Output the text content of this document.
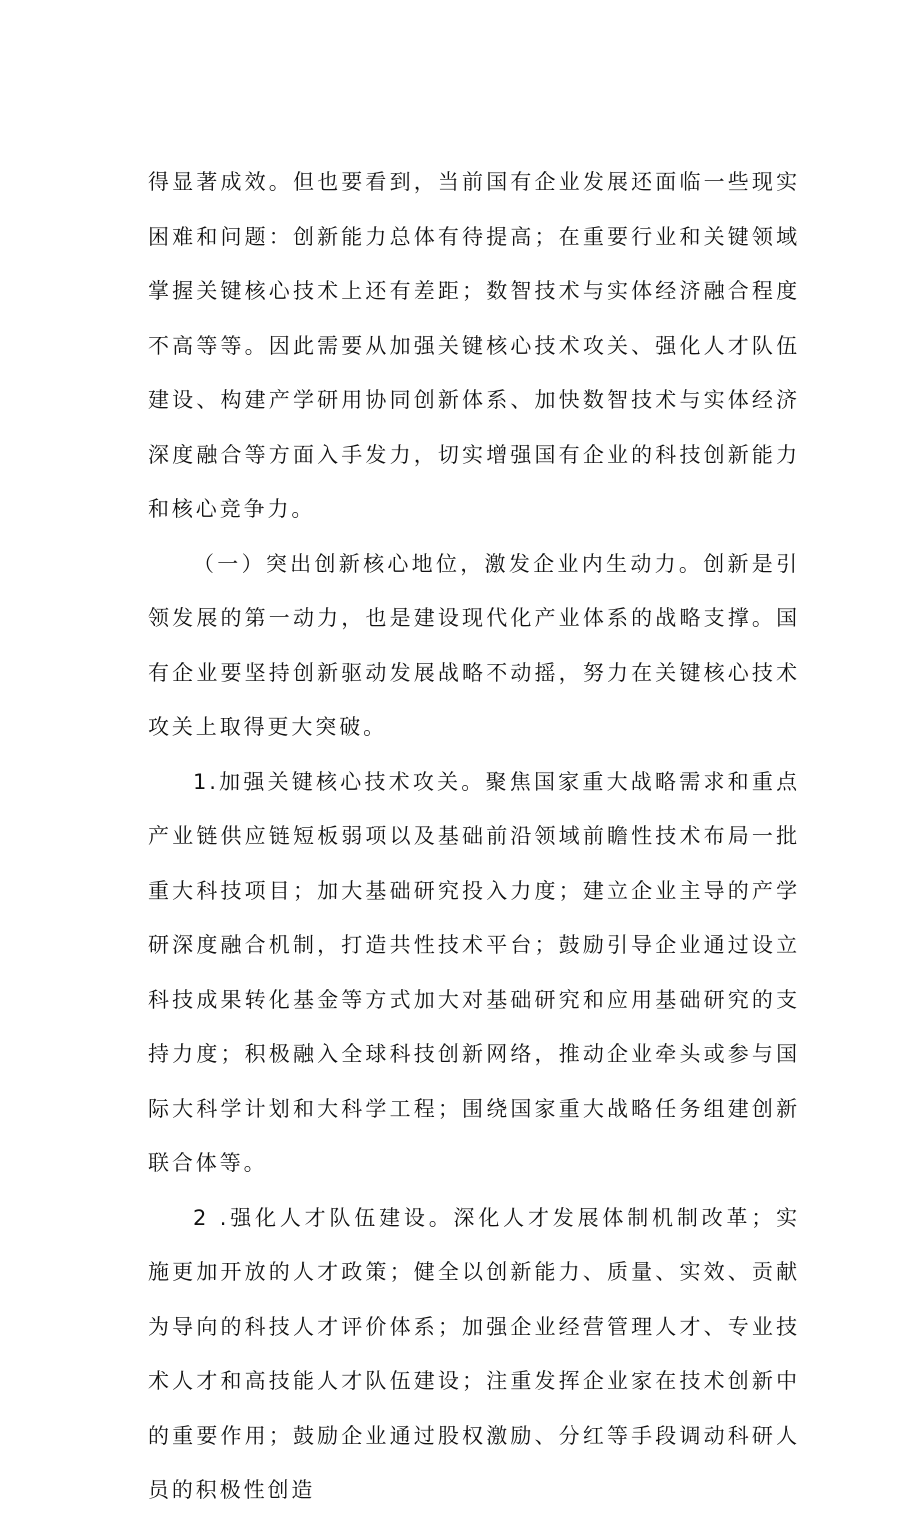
得显著成效。但也要看到，当前国有企业发展还面临一些现实困难和问题：创新能力总体有待提高；在重要行业和关键领域掌握关键核心技术上还有差距；数智技术与实体经济融合程度不高等等。因此需要从加强关键核心技术攻关、强化人才队伍建设、构建产学研用协同创新体系、加快数智技术与实体经济深度融合等方面入手发力，切实增强国有企业的科技创新能力和核心竞争力。

（一）突出创新核心地位，激发企业内生动力。创新是引领发展的第一动力，也是建设现代化产业体系的战略支撑。国有企业要坚持创新驱动发展战略不动摇，努力在关键核心技术攻关上取得更大突破。

1.加强关键核心技术攻关。聚焦国家重大战略需求和重点产业链供应链短板弱项以及基础前沿领域前瞻性技术布局一批重大科技项目；加大基础研究投入力度；建立企业主导的产学研深度融合机制，打造共性技术平台；鼓励引导企业通过设立科技成果转化基金等方式加大对基础研究和应用基础研究的支持力度；积极融入全球科技创新网络，推动企业牵头或参与国际大科学计划和大科学工程；围绕国家重大战略任务组建创新联合体等。

2 .强化人才队伍建设。深化人才发展体制机制改革；实施更加开放的人才政策；健全以创新能力、质量、实效、贡献为导向的科技人才评价体系；加强企业经营管理人才、专业技术人才和高技能人才队伍建设；注重发挥企业家在技术创新中的重要作用；鼓励企业通过股权激励、分红等手段调动科研人员的积极性创造
